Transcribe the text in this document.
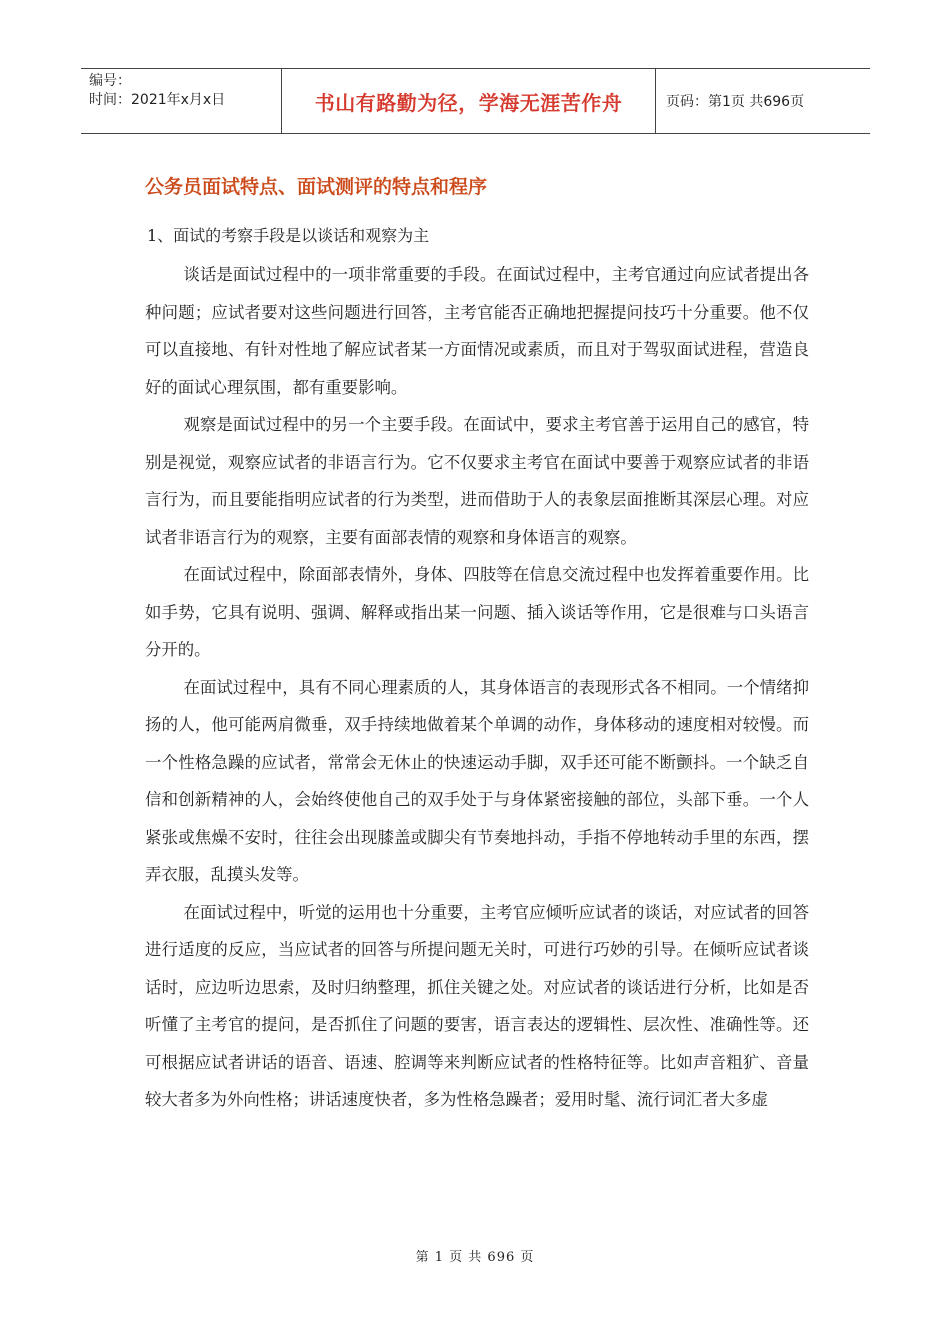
编号：
时间：2021年x月x日	书山有路勤为径，学海无涯苦作舟	页码：第1页 共696页
公务员面试特点、面试测评的特点和程序
1、面试的考察手段是以谈话和观察为主

谈话是面试过程中的一项非常重要的手段。在面试过程中，主考官通过向应试者提出各种问题；应试者要对这些问题进行回答，主考官能否正确地把握提问技巧十分重要。他不仅可以直接地、有针对性地了解应试者某一方面情况或素质，而且对于驾驭面试进程，营造良好的面试心理氛围，都有重要影响。

观察是面试过程中的另一个主要手段。在面试中，要求主考官善于运用自己的感官，特别是视觉，观察应试者的非语言行为。它不仅要求主考官在面试中要善于观察应试者的非语言行为，而且要能指明应试者的行为类型，进而借助于人的表象层面推断其深层心理。对应试者非语言行为的观察，主要有面部表情的观察和身体语言的观察。

在面试过程中，除面部表情外，身体、四肢等在信息交流过程中也发挥着重要作用。比如手势，它具有说明、强调、解释或指出某一问题、插入谈话等作用，它是很难与口头语言分开的。

在面试过程中，具有不同心理素质的人，其身体语言的表现形式各不相同。一个情绪抑扬的人，他可能两肩微垂，双手持续地做着某个单调的动作，身体移动的速度相对较慢。而一个性格急躁的应试者，常常会无休止的快速运动手脚，双手还可能不断颤抖。一个缺乏自信和创新精神的人，会始终使他自己的双手处于与身体紧密接触的部位，头部下垂。一个人紧张或焦燥不安时，往往会出现膝盖或脚尖有节奏地抖动，手指不停地转动手里的东西，摆弄衣服，乱摸头发等。

在面试过程中，听觉的运用也十分重要，主考官应倾听应试者的谈话，对应试者的回答进行适度的反应，当应试者的回答与所提问题无关时，可进行巧妙的引导。在倾听应试者谈话时，应边听边思索，及时归纳整理，抓住关键之处。对应试者的谈话进行分析，比如是否听懂了主考官的提问，是否抓住了问题的要害，语言表达的逻辑性、层次性、准确性等。还可根据应试者讲话的语音、语速、腔调等来判断应试者的性格特征等。比如声音粗犷、音量较大者多为外向性格；讲话速度快者，多为性格急躁者；爱用时髦、流行词汇者大多虚

第 1 页 共 696 页
